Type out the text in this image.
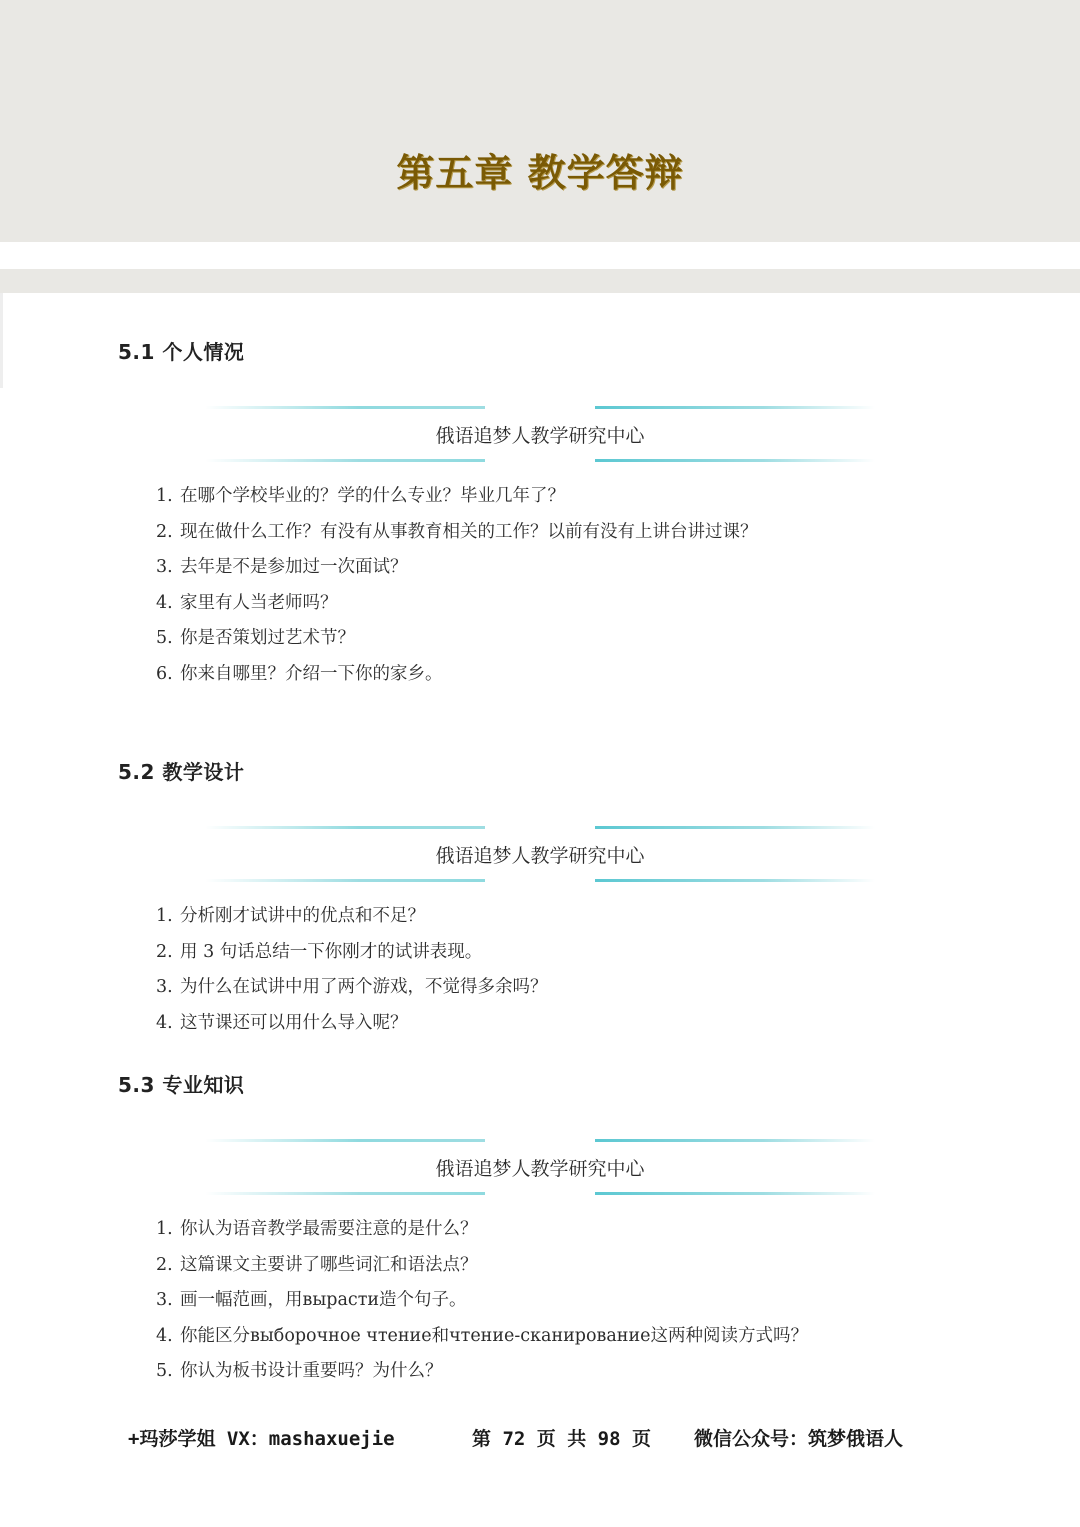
第五章 教学答辩
5.1 个人情况
俄语追梦人教学研究中心
1. 在哪个学校毕业的？学的什么专业？毕业几年了？
2. 现在做什么工作？有没有从事教育相关的工作？以前有没有上讲台讲过课？
3. 去年是不是参加过一次面试？
4. 家里有人当老师吗？
5. 你是否策划过艺术节？
6. 你来自哪里？介绍一下你的家乡。
5.2 教学设计
俄语追梦人教学研究中心
1. 分析刚才试讲中的优点和不足？
2. 用 3 句话总结一下你刚才的试讲表现。
3. 为什么在试讲中用了两个游戏，不觉得多余吗？
4. 这节课还可以用什么导入呢？
5.3 专业知识
俄语追梦人教学研究中心
1. 你认为语音教学最需要注意的是什么？
2. 这篇课文主要讲了哪些词汇和语法点？
3. 画一幅范画，用вырасти造个句子。
4. 你能区分выборочное чтение和чтение-сканирование这两种阅读方式吗？
5. 你认为板书设计重要吗？为什么？
+玛莎学姐 VX：mashaxuejie	第 72 页 共 98 页 微信公众号：筑梦俄语人
